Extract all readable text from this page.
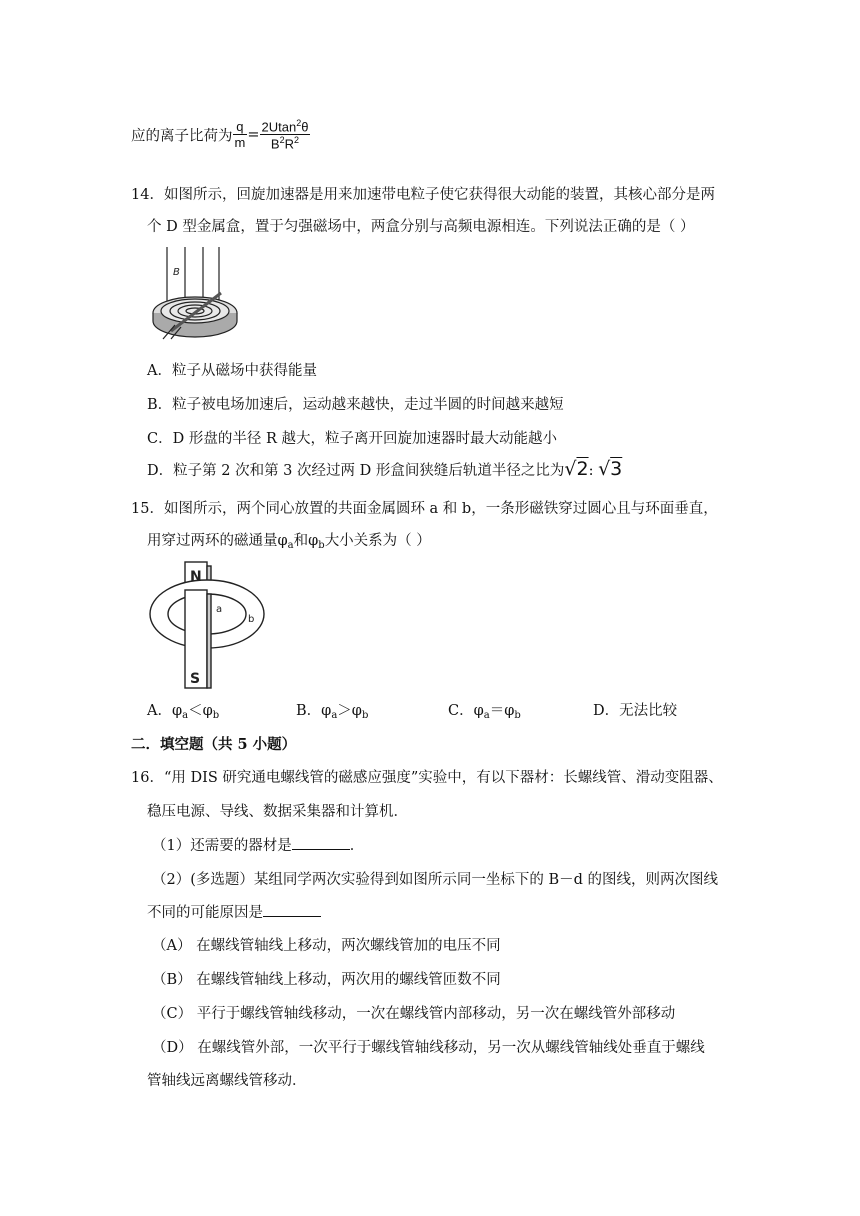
应的离子比荷为 $\frac{q}{m} = \frac{2Utan^2\theta}{B^2R^2}$
14．如图所示，回旋加速器是用来加速带电粒子使它获得很大动能的装置，其核心部分是两
个 D 型金属盒，置于匀强磁场中，两盒分别与高频电源相连。下列说法正确的是（ ）
B
A．粒子从磁场中获得能量
B．粒子被电场加速后，运动越来越快，走过半圆的时间越来越短
C．D 形盘的半径 R 越大，粒子离开回旋加速器时最大动能越小
D．粒子第 2 次和第 3 次经过两 D 形盒间狭缝后轨道半径之比为√2: √3
15．如图所示，两个同心放置的共面金属圆环 a 和 b，一条形磁铁穿过圆心且与环面垂直，
用穿过两环的磁通量$\varphi_a$和$\varphi_b$大小关系为（ ）
N
S
a
b
A．$\varphi_a<\varphi_b$	B．$\varphi_a>\varphi_b$	C．$\varphi_a=\varphi_b$	D．无法比较
二．填空题（共 5 小题）
16．“用 DIS 研究通电螺线管的磁感应强度”实验中，有以下器材：长螺线管、滑动变阻器、
稳压电源、导线、数据采集器和计算机．
（1）还需要的器材是	．
（2）(多选题）某组同学两次实验得到如图所示同一坐标下的 B－d 的图线，则两次图线
不同的可能原因是
（A） 在螺线管轴线上移动，两次螺线管加的电压不同
（B） 在螺线管轴线上移动，两次用的螺线管匝数不同
（C） 平行于螺线管轴线移动，一次在螺线管内部移动，另一次在螺线管外部移动
（D） 在螺线管外部，一次平行于螺线管轴线移动，另一次从螺线管轴线处垂直于螺线
管轴线远离螺线管移动．
